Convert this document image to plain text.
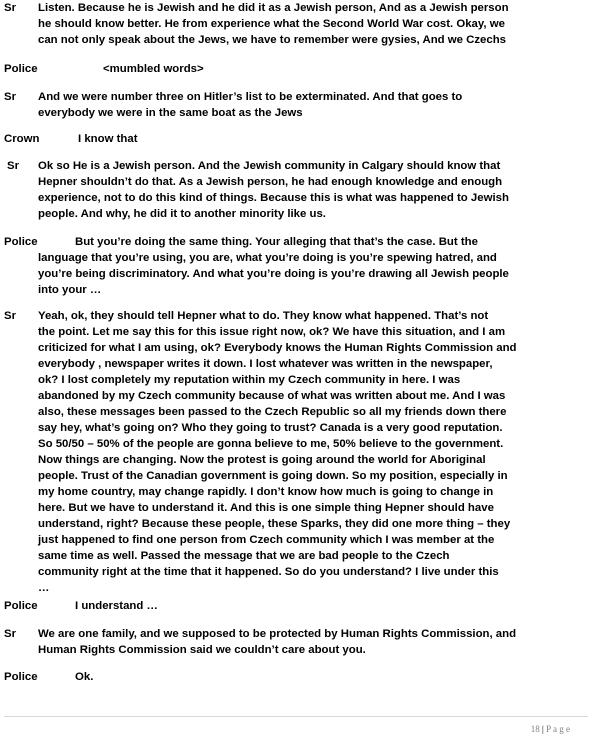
Sr Listen. Because he is Jewish and he did it as a Jewish person, And as a Jewish person
he should know better. He from experience what the Second World War cost. Okay, we
can not only speak about the Jews, we have to remember were gysies, And we Czechs
Police	<mumbled words>
Sr And we were number three on Hitler’s list to be exterminated. And that goes to
everybody we were in the same boat as the Jews
Crown	I know that
Sr Ok so He is a Jewish person. And the Jewish community in Calgary should know that
Hepner shouldn’t do that. As a Jewish person, he had enough knowledge and enough
experience, not to do this kind of things. Because this is what was happened to Jewish
people. And why, he did it to another minority like us.
Police	But you’re doing the same thing. Your alleging that that’s the case. But the
language that you’re using, you are, what you’re doing is you’re spewing hatred, and
you’re being discriminatory. And what you’re doing is you’re drawing all Jewish people
into your …
Sr Yeah, ok, they should tell Hepner what to do. They know what happened. That’s not
the point. Let me say this for this issue right now, ok? We have this situation, and I am
criticized for what I am using, ok? Everybody knows the Human Rights Commission and
everybody , newspaper writes it down. I lost whatever was written in the newspaper,
ok? I lost completely my reputation within my Czech community in here. I was
abandoned by my Czech community because of what was written about me. And I was
also, these messages been passed to the Czech Republic so all my friends down there
say hey, what’s going on? Who they going to trust? Canada is a very good reputation.
So 50/50 – 50% of the people are gonna believe to me, 50% believe to the government.
Now things are changing. Now the protest is going around the world for Aboriginal
people. Trust of the Canadian government is going down. So my position, especially in
my home country, may change rapidly. I don’t know how much is going to change in
here. But we have to understand it. And this is one simple thing Hepner should have
understand, right? Because these people, these Sparks, they did one more thing – they
just happened to find one person from Czech community which I was member at the
same time as well. Passed the message that we are bad people to the Czech
community right at the time that it happened. So do you understand? I live under this
…
Police	I understand …
Sr We are one family, and we supposed to be protected by Human Rights Commission, and
Human Rights Commission said we couldn’t care about you.
Police	Ok.
18 | P a g e
